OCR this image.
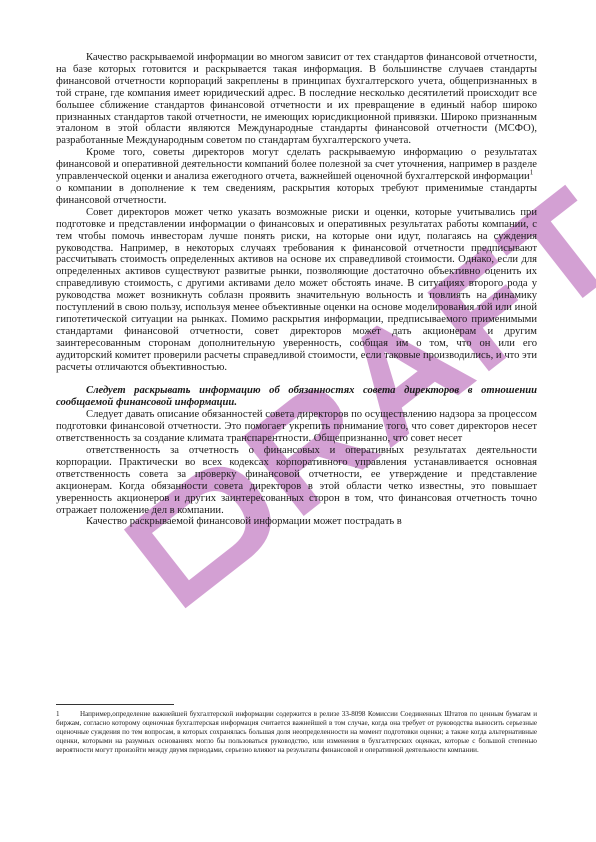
Качество раскрываемой информации во многом зависит от тех стандартов финансовой отчетности, на базе которых готовится и раскрывается такая информация. В большинстве случаев стандарты финансовой отчетности корпораций закреплены в принципах бухгалтерского учета, общепризнанных в той стране, где компания имеет юридический адрес. В последние несколько десятилетий происходит все большее сближение стандартов финансовой отчетности и их превращение в единый набор широко признанных стандартов такой отчетности, не имеющих юрисдикционной привязки. Широко признанным эталоном в этой области являются Международные стандарты финансовой отчетности (МСФО), разработанные Международным советом по стандартам бухгалтерского учета.

Кроме того, советы директоров могут сделать раскрываемую информацию о результатах финансовой и оперативной деятельности компаний более полезной за счет уточнения, например в разделе управленческой оценки и анализа ежегодного отчета, важнейшей оценочной бухгалтерской информации$^1$

о компании в дополнение к тем сведениям, раскрытия которых требуют применимые стандарты финансовой отчетности.

Совет директоров может четко указать возможные риски и оценки, которые учитывались при подготовке и представлении информации о финансовых и оперативных результатах работы компании, с тем чтобы помочь инвесторам лучше понять риски, на которые они идут, полагаясь на суждения руководства. Например, в некоторых случаях требования к финансовой отчетности предписывают рассчитывать стоимость определенных активов на основе их справедливой стоимости. Однако, если для определенных активов существуют развитые рынки, позволяющие достаточно объективно оценить их справедливую стоимость, с другими активами дело может обстоять иначе. В ситуациях второго рода у руководства может возникнуть соблазн проявить значительную вольность и повлиять на динамику поступлений в свою пользу, используя менее объективные оценки на основе моделирования той или иной гипотетической ситуации на рынках. Помимо раскрытия информации, предписываемого применимыми стандартами финансовой отчетности, совет директоров может дать акционерам и другим заинтересованным сторонам дополнительную уверенность, сообщая им о том, что он или его аудиторский комитет проверили расчеты справедливой стоимости, если таковые производились, и что эти расчеты отличаются объективностью.

Следует раскрывать информацию об обязанностях совета директоров в отношении сообщаемой финансовой информации.

Следует давать описание обязанностей совета директоров по осуществлению надзора за процессом подготовки финансовой отчетности. Это помогает укрепить понимание того, что совет директоров несет ответственность за создание климата транспарентности. Общепризнанно, что совет несет

ответственность за отчетность о финансовых и оперативных результатах деятельности корпорации. Практически во всех кодексах корпоративного управления устанавливается основная ответственность совета за проверку финансовой отчетности, ее утверждение и представление акционерам. Когда обязанности совета директоров в этой области четко известны, это повышает уверенность акционеров и других заинтересованных сторон в том, что финансовая отчетность точно отражает положение дел в компании.

Качество раскрываемой финансовой информации может пострадать в

1	Например,определение важнейшей бухгалтерской информации содержится в релизе 33-8098 Комиссии Соединенных Штатов по ценным бумагам и биржам, согласно которому оценочная бухгалтерская информация считается важнейшей в том случае, когда она требует от руководства выносить серьезные оценочные суждения по тем вопросам, в которых сохранялась большая доля неопределенности на момент подготовки оценки; а также когда альтернативные оценки, которыми на разумных основаниях могло бы пользоваться руководство, или изменения в бухгалтерских оценках, которые с большой степенью вероятности могут произойти между двумя периодами, серьезно влияют на результаты финансовой и оперативной деятельности компании.
